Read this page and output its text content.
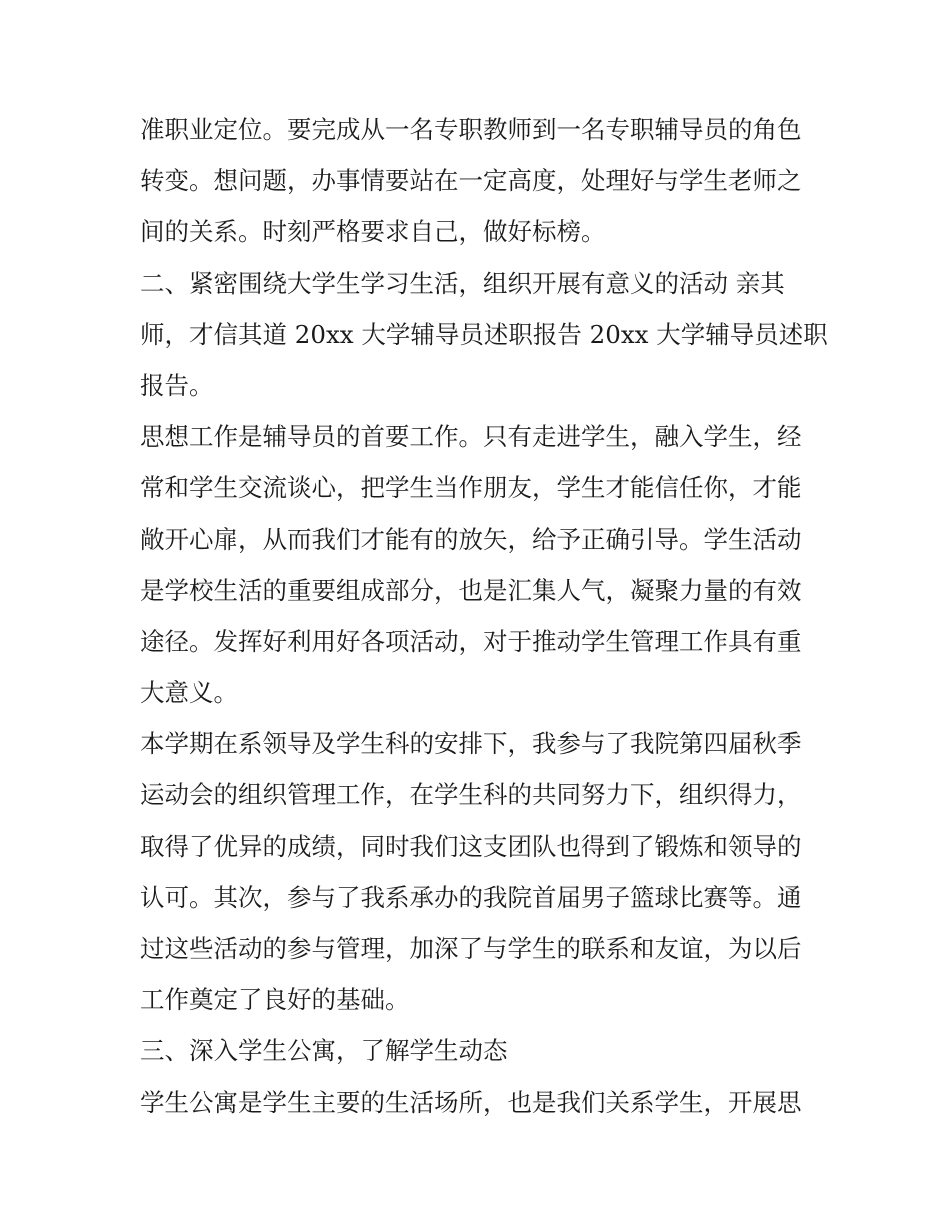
准职业定位。要完成从一名专职教师到一名专职辅导员的角色
转变。想问题，办事情要站在一定高度，处理好与学生老师之
间的关系。时刻严格要求自己，做好标榜。
二、紧密围绕大学生学习生活，组织开展有意义的活动 亲其
师，才信其道 20xx 大学辅导员述职报告 20xx 大学辅导员述职
报告。
思想工作是辅导员的首要工作。只有走进学生，融入学生，经
常和学生交流谈心，把学生当作朋友，学生才能信任你，才能
敞开心扉，从而我们才能有的放矢，给予正确引导。学生活动
是学校生活的重要组成部分，也是汇集人气，凝聚力量的有效
途径。发挥好利用好各项活动，对于推动学生管理工作具有重
大意义。
本学期在系领导及学生科的安排下，我参与了我院第四届秋季
运动会的组织管理工作，在学生科的共同努力下，组织得力，
取得了优异的成绩，同时我们这支团队也得到了锻炼和领导的
认可。其次，参与了我系承办的我院首届男子篮球比赛等。通
过这些活动的参与管理，加深了与学生的联系和友谊，为以后
工作奠定了良好的基础。
三、深入学生公寓，了解学生动态
学生公寓是学生主要的生活场所，也是我们关系学生，开展思
